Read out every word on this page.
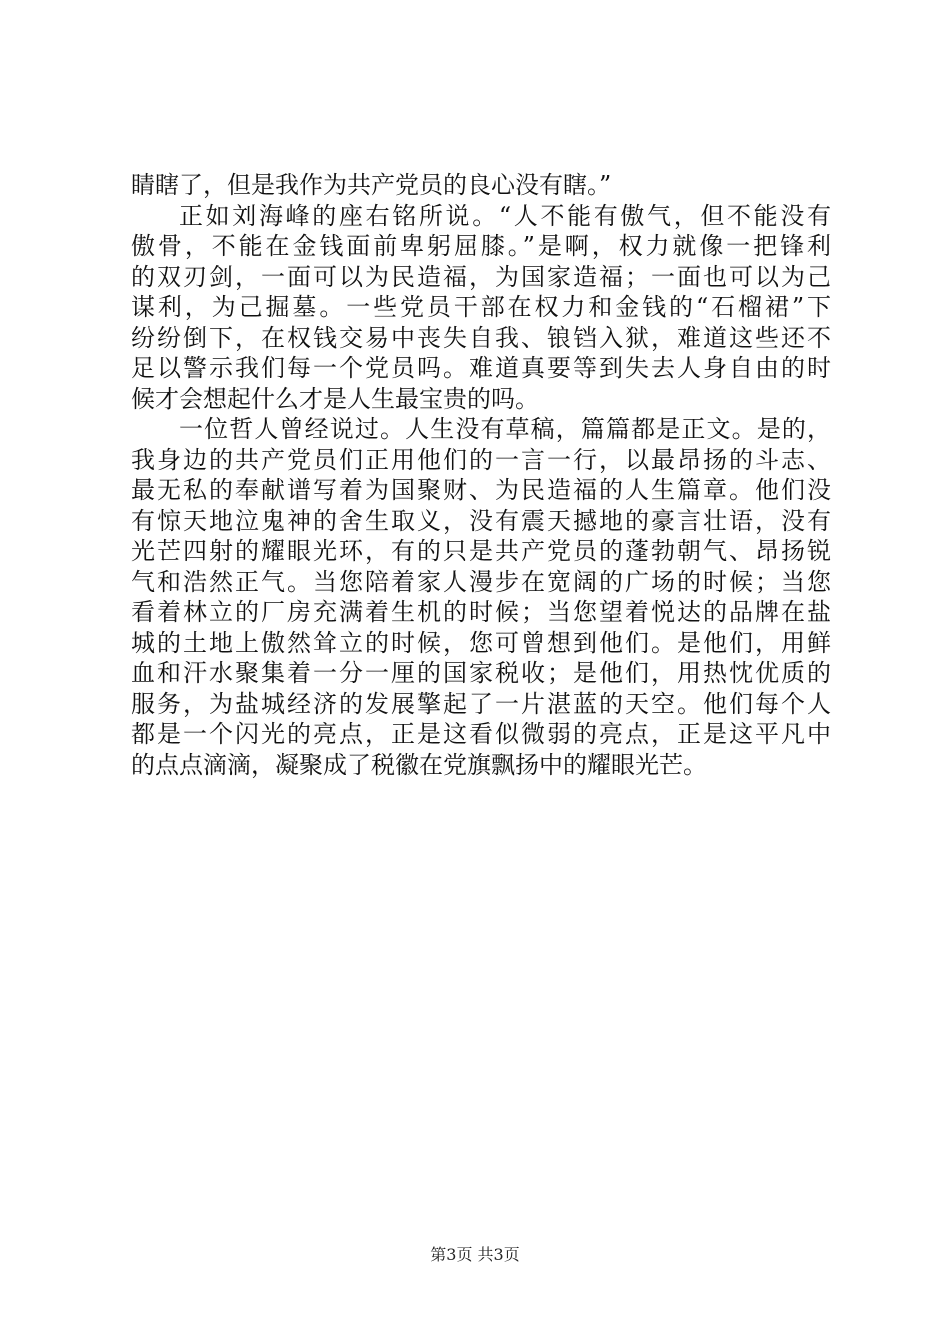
睛瞎了，但是我作为共产党员的良心没有瞎。”
正如刘海峰的座右铭所说。“人不能有傲气，但不能没有
傲骨，不能在金钱面前卑躬屈膝。”是啊，权力就像一把锋利
的双刃剑，一面可以为民造福，为国家造福；一面也可以为己
谋利，为己掘墓。一些党员干部在权力和金钱的“石榴裙”下
纷纷倒下，在权钱交易中丧失自我、锒铛入狱，难道这些还不
足以警示我们每一个党员吗。难道真要等到失去人身自由的时
候才会想起什么才是人生最宝贵的吗。
一位哲人曾经说过。人生没有草稿，篇篇都是正文。是的，
我身边的共产党员们正用他们的一言一行，以最昂扬的斗志、
最无私的奉献谱写着为国聚财、为民造福的人生篇章。他们没
有惊天地泣鬼神的舍生取义，没有震天撼地的豪言壮语，没有
光芒四射的耀眼光环，有的只是共产党员的蓬勃朝气、昂扬锐
气和浩然正气。当您陪着家人漫步在宽阔的广场的时候；当您
看着林立的厂房充满着生机的时候；当您望着悦达的品牌在盐
城的土地上傲然耸立的时候，您可曾想到他们。是他们，用鲜
血和汗水聚集着一分一厘的国家税收；是他们，用热忱优质的
服务，为盐城经济的发展擎起了一片湛蓝的天空。他们每个人
都是一个闪光的亮点，正是这看似微弱的亮点，正是这平凡中
的点点滴滴，凝聚成了税徽在党旗飘扬中的耀眼光芒。
第3页 共3页
